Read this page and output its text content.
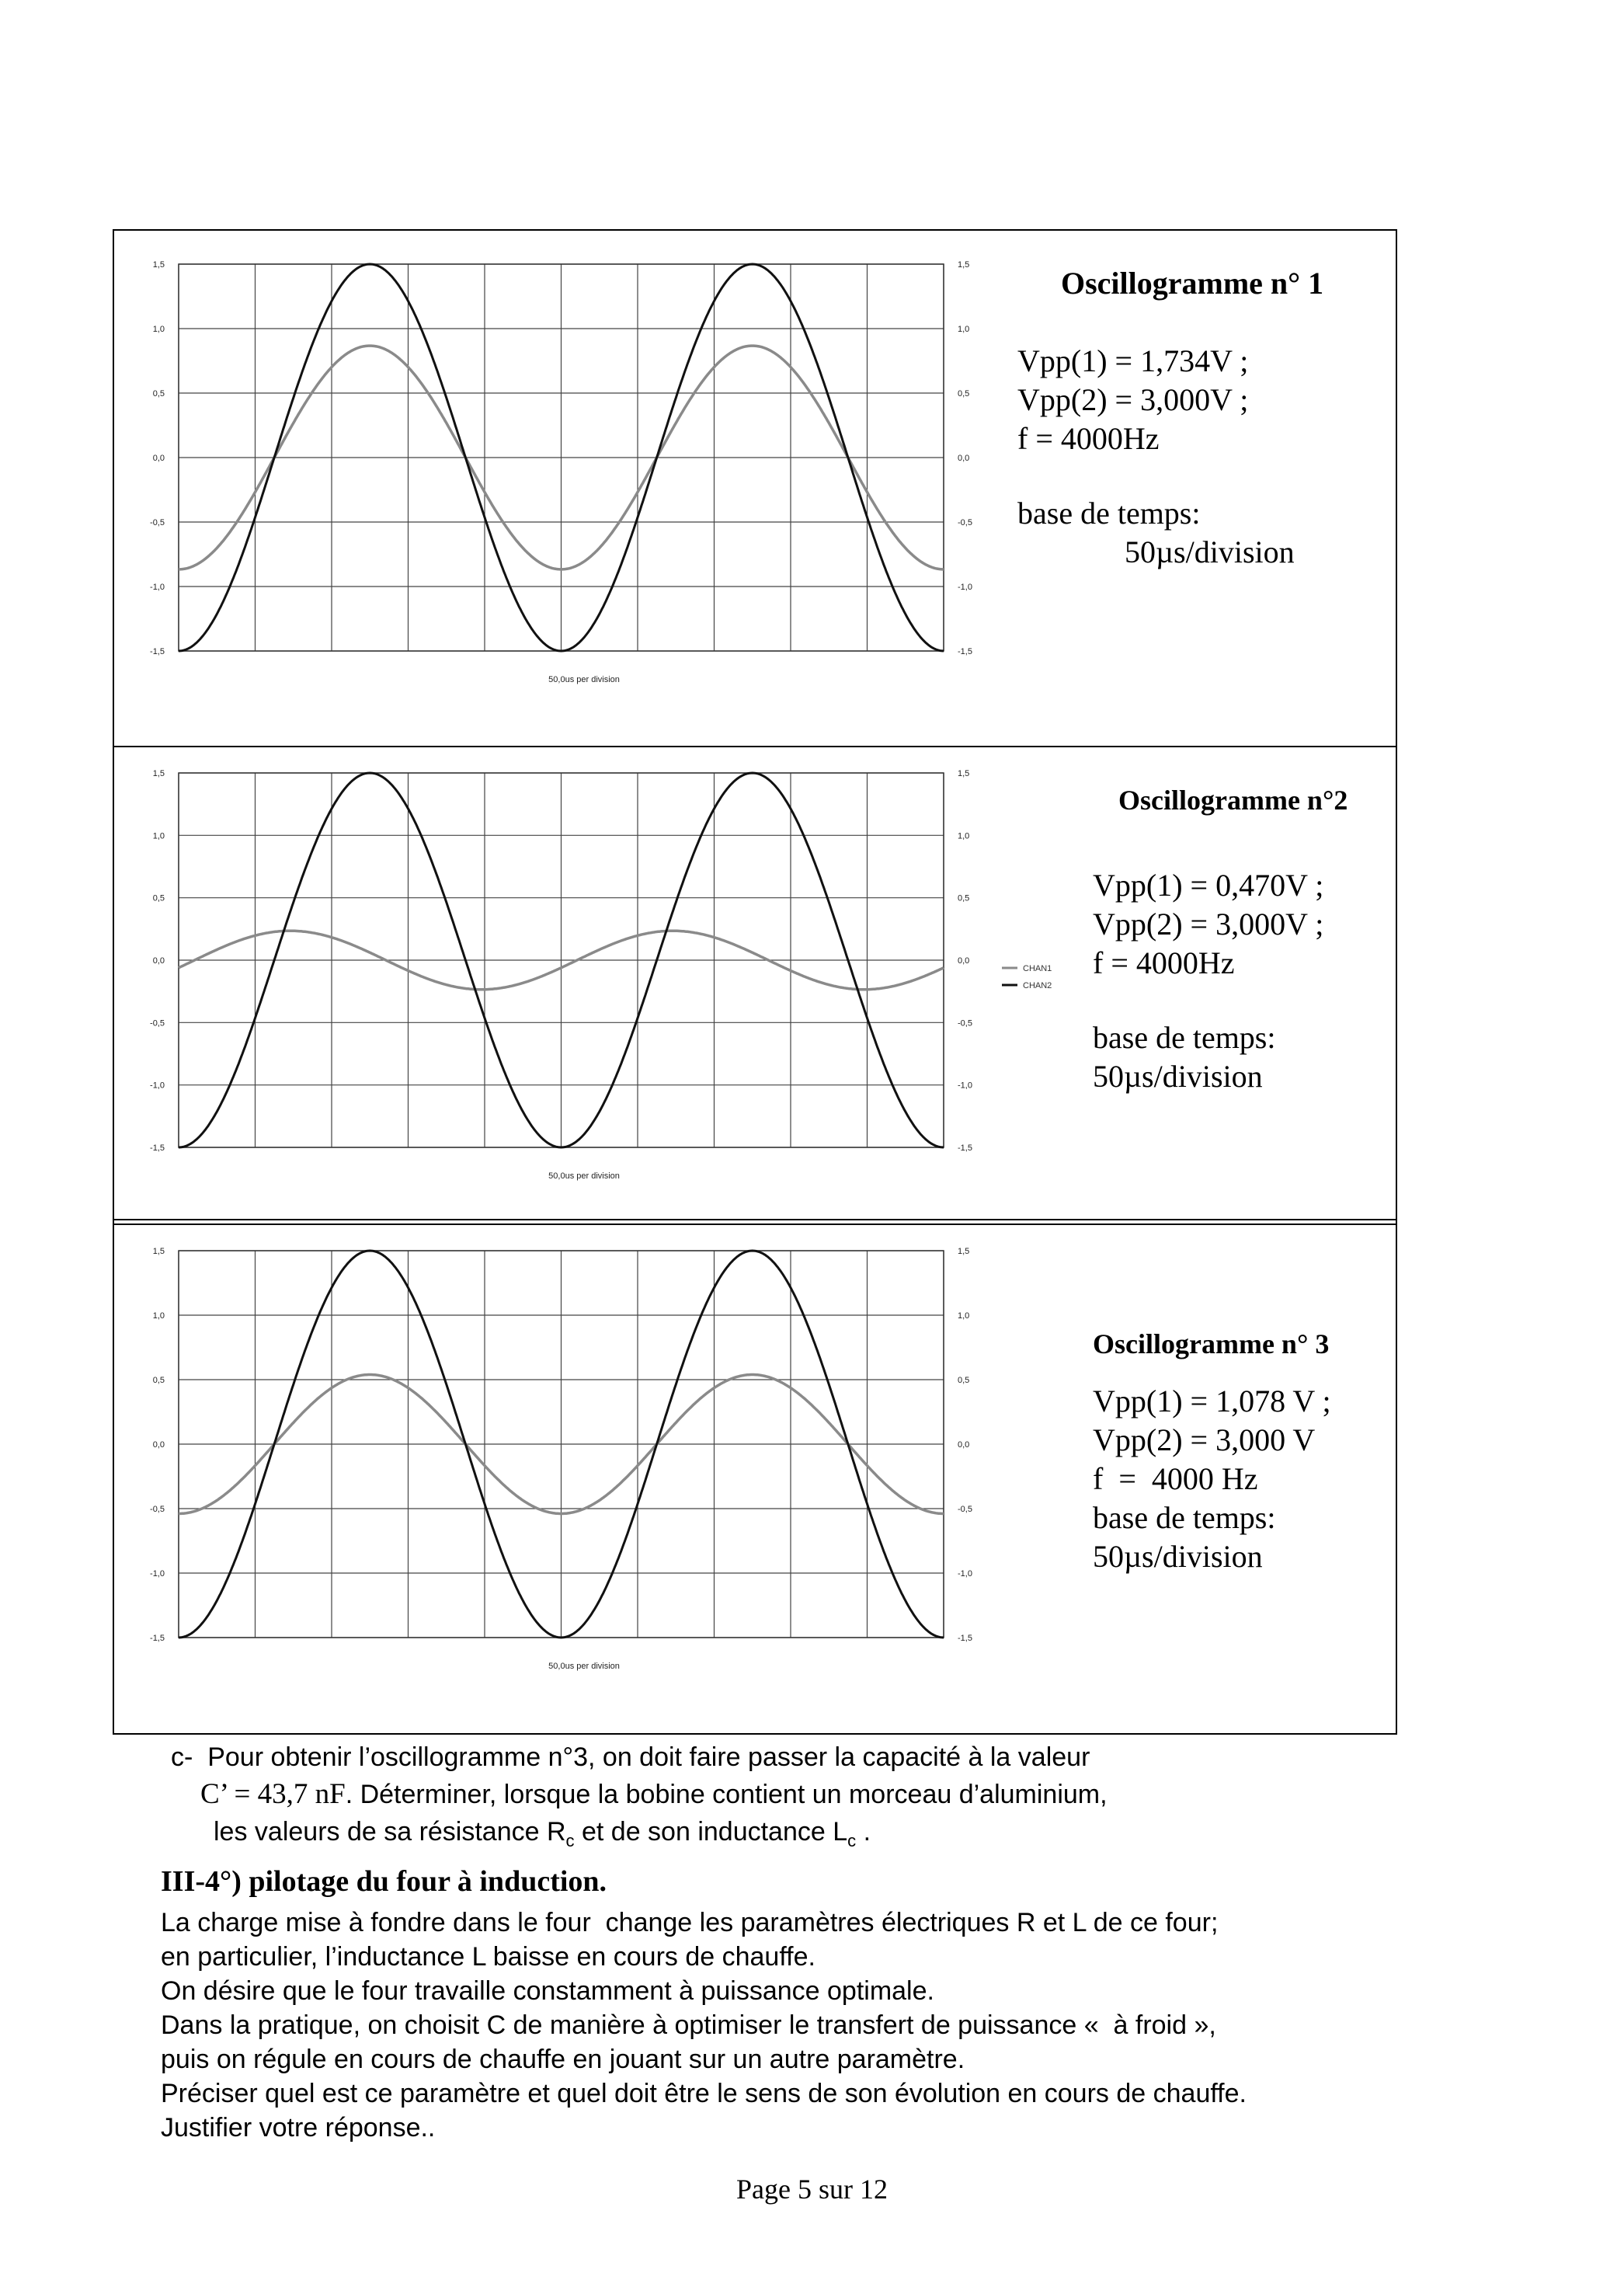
1,5	1,5
1,0	1,0
0,5	0,5
0,0	0,0
-0,5	-0,5
-1,0	-1,0
-1,5	-1,5
50,0us per division
1,5	1,5
1,0	1,0
0,5	0,5
0,0	0,0
-0,5	-0,5
-1,0	-1,0
-1,5	-1,5
50,0us per division
CHAN1
CHAN2
1,5	1,5
1,0	1,0
0,5	0,5
0,0	0,0
-0,5	-0,5
-1,0	-1,0
-1,5	-1,5
50,0us per division
Oscillogramme n° 1
Vpp(1) = 1,734V ;
Vpp(2) = 3,000V ;
f = 4000Hz
base de temps:
50µs/division
Oscillogramme n°2
Vpp(1) = 0,470V ;
Vpp(2) = 3,000V ;
f = 4000Hz
base de temps:
50µs/division
Oscillogramme n° 3
Vpp(1) = 1,078 V ;
Vpp(2) = 3,000 V
f  =  4000 Hz
base de temps:
50µs/division
c-  Pour obtenir l’oscillogramme n°3, on doit faire passer la capacité à la valeur
C’ = 43,7 nF. Déterminer, lorsque la bobine contient un morceau d’aluminium,
les valeurs de sa résistance $R_c$ et de son inductance $L_c$ .
III-4°) pilotage du four à induction.
La charge mise à fondre dans le four  change les paramètres électriques R et L de ce four;
en particulier, l’inductance L baisse en cours de chauffe.
On désire que le four travaille constamment à puissance optimale.
Dans la pratique, on choisit C de manière à optimiser le transfert de puissance «  à froid »,
puis on régule en cours de chauffe en jouant sur un autre paramètre.
Préciser quel est ce paramètre et quel doit être le sens de son évolution en cours de chauffe.
Justifier votre réponse..
Page 5 sur 12
